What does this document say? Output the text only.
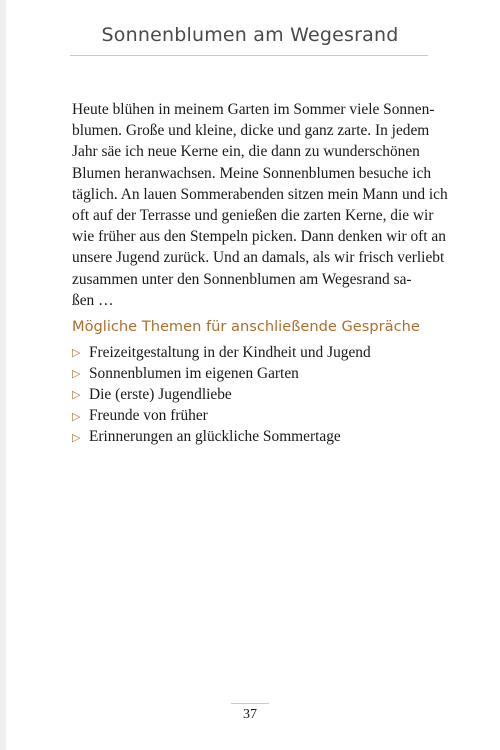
Sonnenblumen am Wegesrand

Heute blühen in meinem Garten im Sommer viele Sonnen-
blumen. Große und kleine, dicke und ganz zarte. In jedem
Jahr säe ich neue Kerne ein, die dann zu wunderschönen
Blumen heranwachsen. Meine Sonnenblumen besuche ich
täglich. An lauen Sommerabenden sitzen mein Mann und ich
oft auf der Terrasse und genießen die zarten Kerne, die wir
wie früher aus den Stempeln picken. Dann denken wir oft an
unsere Jugend zurück. Und an damals, als wir frisch verliebt
zusammen unter den Sonnenblumen am Wegesrand sa-
ßen …

Mögliche Themen für anschließende Gespräche
▷ Freizeitgestaltung in der Kindheit und Jugend
▷ Sonnenblumen im eigenen Garten
▷ Die (erste) Jugendliebe
▷ Freunde von früher
▷ Erinnerungen an glückliche Sommertage
37
